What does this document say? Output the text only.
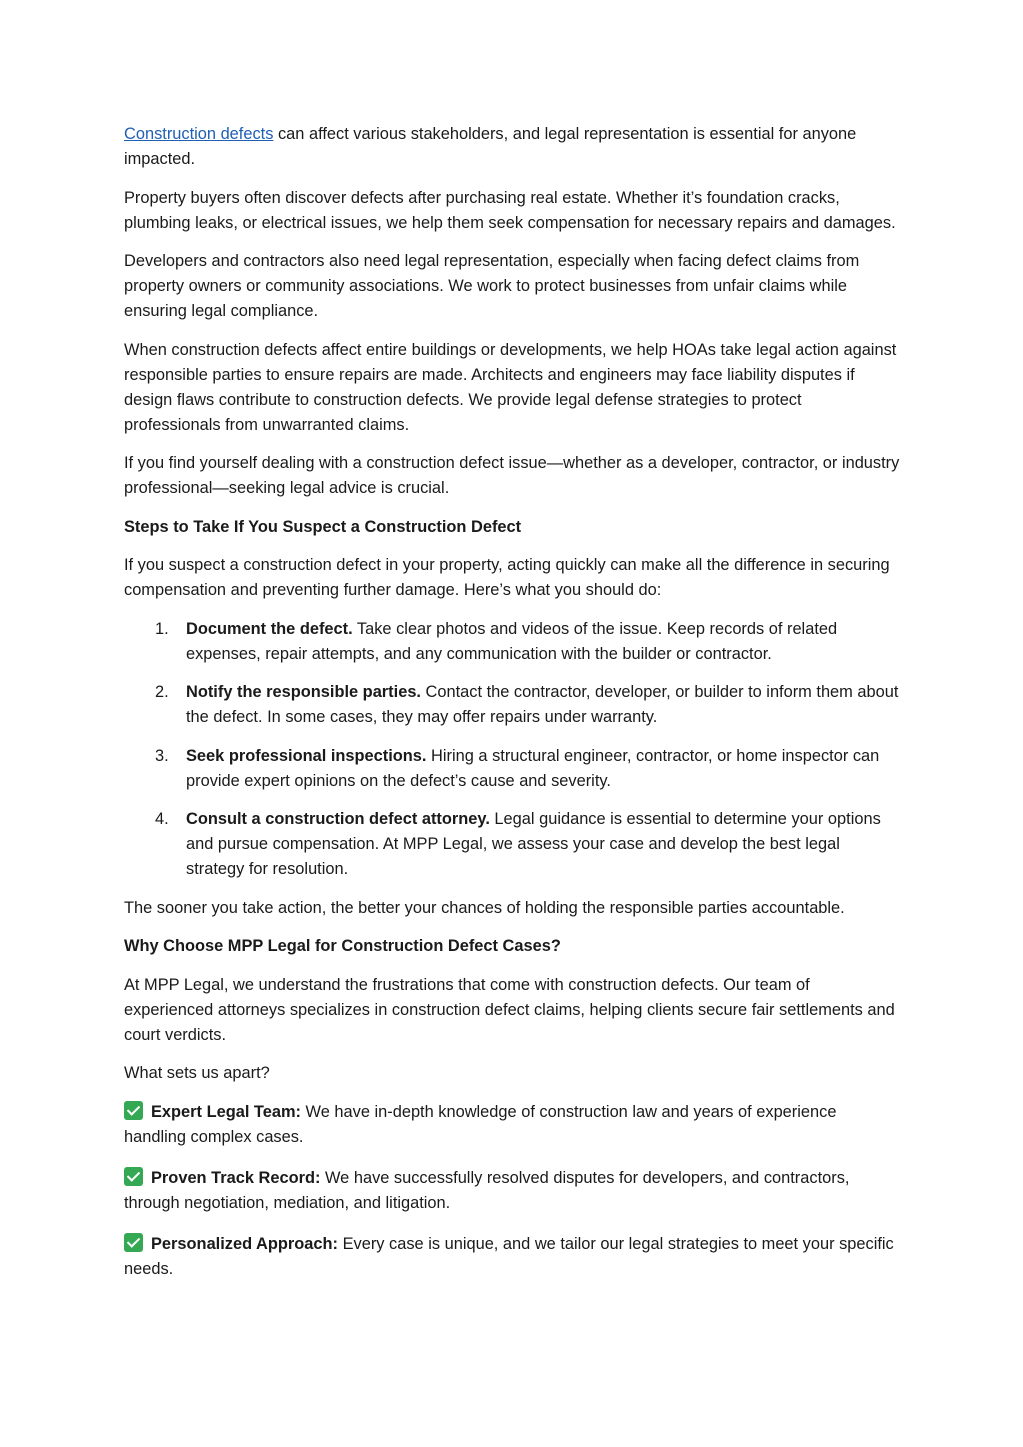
Construction defects can affect various stakeholders, and legal representation is essential for anyone impacted.

Property buyers often discover defects after purchasing real estate. Whether it’s foundation cracks, plumbing leaks, or electrical issues, we help them seek compensation for necessary repairs and damages.

Developers and contractors also need legal representation, especially when facing defect claims from property owners or community associations. We work to protect businesses from unfair claims while ensuring legal compliance.

When construction defects affect entire buildings or developments, we help HOAs take legal action against responsible parties to ensure repairs are made. Architects and engineers may face liability disputes if design flaws contribute to construction defects. We provide legal defense strategies to protect professionals from unwarranted claims.

If you find yourself dealing with a construction defect issue—whether as a developer, contractor, or industry professional—seeking legal advice is crucial.

Steps to Take If You Suspect a Construction Defect

If you suspect a construction defect in your property, acting quickly can make all the difference in securing compensation and preventing further damage. Here’s what you should do:

1. Document the defect. Take clear photos and videos of the issue. Keep records of related expenses, repair attempts, and any communication with the builder or contractor.
2. Notify the responsible parties. Contact the contractor, developer, or builder to inform them about the defect. In some cases, they may offer repairs under warranty.
3. Seek professional inspections. Hiring a structural engineer, contractor, or home inspector can provide expert opinions on the defect’s cause and severity.
4. Consult a construction defect attorney. Legal guidance is essential to determine your options and pursue compensation. At MPP Legal, we assess your case and develop the best legal strategy for resolution.

The sooner you take action, the better your chances of holding the responsible parties accountable.

Why Choose MPP Legal for Construction Defect Cases?

At MPP Legal, we understand the frustrations that come with construction defects. Our team of experienced attorneys specializes in construction defect claims, helping clients secure fair settlements and court verdicts.

What sets us apart?

Expert Legal Team: We have in-depth knowledge of construction law and years of experience handling complex cases.

Proven Track Record: We have successfully resolved disputes for developers, and contractors, through negotiation, mediation, and litigation.

Personalized Approach: Every case is unique, and we tailor our legal strategies to meet your specific needs.
